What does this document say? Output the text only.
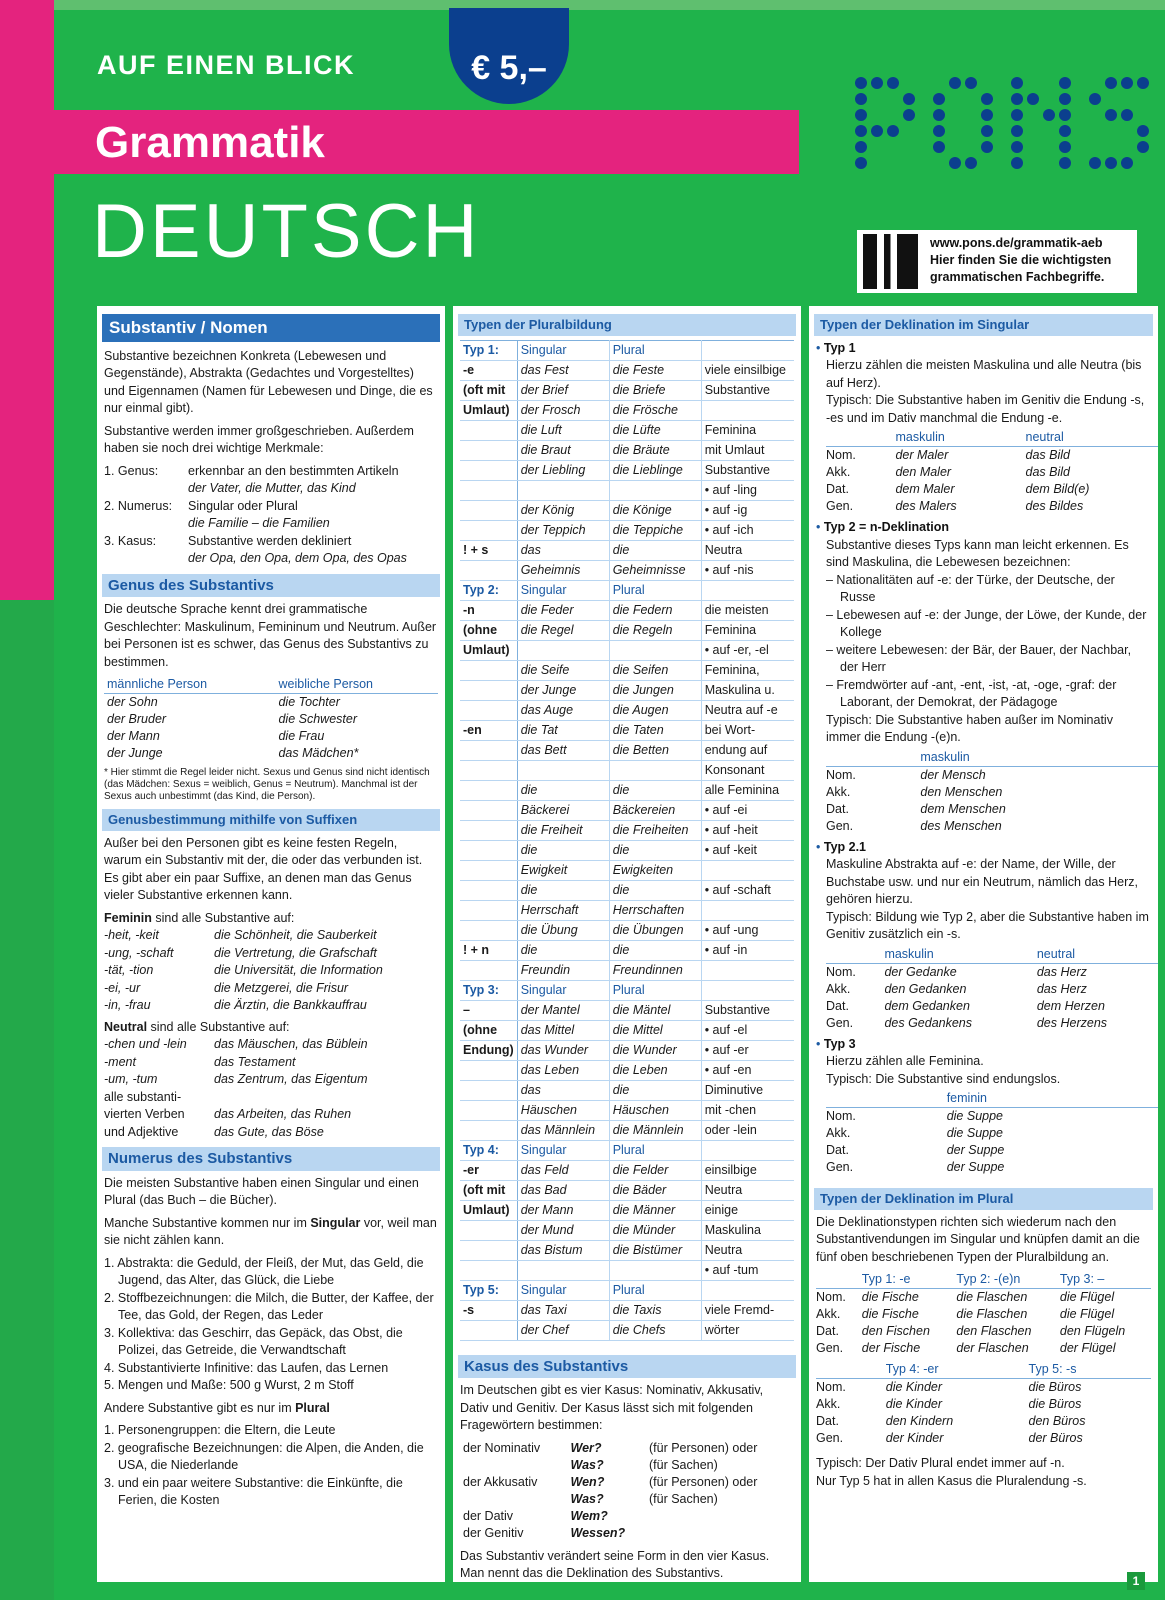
AUF EINEN BLICK	€ 5,–
Grammatik
DEUTSCH	www.pons.de/grammatik-aeb
Hier finden Sie die wichtigsten
grammatischen Fachbegriffe.
Substantiv / Nomen

Substantive bezeichnen Konkreta (Lebewesen und Gegenstände), Abstrakta (Gedachtes und Vorgestelltes) und Eigennamen (Namen für Lebewesen und Dinge, die es nur einmal gibt).

Substantive werden immer großgeschrieben. Außerdem haben sie noch drei wichtige Merkmale:

1. Genus:	erkennbar an den bestimmten Artikeln
der Vater, die Mutter, das Kind
2. Numerus:	Singular oder Plural
die Familie – die Familien
3. Kasus:	Substantive werden dekliniert
der Opa, den Opa, dem Opa, des Opas
Genus des Substantivs

Die deutsche Sprache kennt drei grammatische Geschlechter: Maskulinum, Femininum und Neutrum. Außer bei Personen ist es schwer, das Genus des Substantivs zu bestimmen.

männliche Person	weibliche Person
der Sohn	die Tochter
der Bruder	die Schwester
der Mann	die Frau
der Junge	das Mädchen*
* Hier stimmt die Regel leider nicht. Sexus und Genus sind nicht identisch (das Mädchen: Sexus = weiblich, Genus = Neutrum). Manchmal ist der Sexus auch unbestimmt (das Kind, die Person).
Genusbestimmung mithilfe von Suffixen

Außer bei den Personen gibt es keine festen Regeln, warum ein Substantiv mit der, die oder das verbunden ist. Es gibt aber ein paar Suffixe, an denen man das Genus vieler Substantive erkennen kann.

Feminin sind alle Substantive auf:
-heit, -keit	die Schönheit, die Sauberkeit
-ung, -schaft	die Vertretung, die Grafschaft
-tät, -tion	die Universität, die Information
-ei, -ur	die Metzgerei, die Frisur
-in, -frau	die Ärztin, die Bankkauffrau
Neutral sind alle Substantive auf:
-chen und -lein	das Mäuschen, das Büblein
-ment	das Testament
-um, -tum	das Zentrum, das Eigentum
alle substanti-
vierten Verben	das Arbeiten, das Ruhen
und Adjektive	das Gute, das Böse
Numerus des Substantivs

Die meisten Substantive haben einen Singular und einen Plural (das Buch – die Bücher).

Manche Substantive kommen nur im Singular vor, weil man sie nicht zählen kann.

1. Abstrakta: die Geduld, der Fleiß, der Mut, das Geld, die Jugend, das Alter, das Glück, die Liebe
2. Stoffbezeichnungen: die Milch, die Butter, der Kaffee, der Tee, das Gold, der Regen, das Leder
3. Kollektiva: das Geschirr, das Gepäck, das Obst, die Polizei, das Getreide, die Verwandtschaft
4. Substantivierte Infinitive: das Laufen, das Lernen
5. Mengen und Maße: 500 g Wurst, 2 m Stoff

Andere Substantive gibt es nur im Plural

1. Personengruppen: die Eltern, die Leute
2. geografische Bezeichnungen: die Alpen, die Anden, die USA, die Niederlande
3. und ein paar weitere Substantive: die Einkünfte, die Ferien, die Kosten
Typen der Pluralbildung
Typ 1:	Singular	Plural	
-e	das Fest	die Feste	viele einsilbige
(oft mit	der Brief	die Briefe	Substantive
Umlaut)	der Frosch	die Frösche	
	die Luft	die Lüfte	Feminina
	die Braut	die Bräute	mit Umlaut
	der Liebling	die Lieblinge	Substantive
			• auf -ling
	der König	die Könige	• auf -ig
	der Teppich	die Teppiche	• auf -ich
! + s	das	die	Neutra
	Geheimnis	Geheimnisse	• auf -nis
Typ 2:	Singular	Plural	
-n	die Feder	die Federn	die meisten
(ohne	die Regel	die Regeln	Feminina
Umlaut)			• auf -er, -el
	die Seife	die Seifen	Feminina,
	der Junge	die Jungen	Maskulina u.
	das Auge	die Augen	Neutra auf -e
-en	die Tat	die Taten	bei Wort-
	das Bett	die Betten	endung auf
			Konsonant
	die	die	alle Feminina
	Bäckerei	Bäckereien	• auf -ei
	die Freiheit	die Freiheiten	• auf -heit
	die	die	• auf -keit
	Ewigkeit	Ewigkeiten	
	die	die	• auf -schaft
	Herrschaft	Herrschaften	
	die Übung	die Übungen	• auf -ung
! + n	die	die	• auf -in
	Freundin	Freundinnen	
Typ 3:	Singular	Plural	
–	der Mantel	die Mäntel	Substantive
(ohne	das Mittel	die Mittel	• auf -el
Endung)	das Wunder	die Wunder	• auf -er
	das Leben	die Leben	• auf -en
	das	die	Diminutive
	Häuschen	Häuschen	mit -chen
	das Männlein	die Männlein	oder -lein
Typ 4:	Singular	Plural	
-er	das Feld	die Felder	einsilbige
(oft mit	das Bad	die Bäder	Neutra
Umlaut)	der Mann	die Männer	einige
	der Mund	die Münder	Maskulina
	das Bistum	die Bistümer	Neutra
			• auf -tum
Typ 5:	Singular	Plural	
-s	das Taxi	die Taxis	viele Fremd-
	der Chef	die Chefs	wörter
Kasus des Substantivs

Im Deutschen gibt es vier Kasus: Nominativ, Akkusativ, Dativ und Genitiv. Der Kasus lässt sich mit folgenden Fragewörtern bestimmen:

der Nominativ	Wer?	(für Personen) oder
	Was?	(für Sachen)
der Akkusativ	Wen?	(für Personen) oder
	Was?	(für Sachen)
der Dativ	Wem?	
der Genitiv	Wessen?	

Das Substantiv verändert seine Form in den vier Kasus. Man nennt das die Deklination des Substantivs.

Typen der Deklination im Singular
• Typ 1
Hierzu zählen die meisten Maskulina und alle Neutra (bis auf Herz).
Typisch: Die Substantive haben im Genitiv die Endung -s, -es und im Dativ manchmal die Endung -e.
	maskulin	neutral
Nom.	der Maler	das Bild
Akk.	den Maler	das Bild
Dat.	dem Maler	dem Bild(e)
Gen.	des Malers	des Bildes
• Typ 2 = n-Deklination
Substantive dieses Typs kann man leicht erkennen. Es sind Maskulina, die Lebewesen bezeichnen:
– Nationalitäten auf -e: der Türke, der Deutsche, der Russe
– Lebewesen auf -e: der Junge, der Löwe, der Kunde, der Kollege
– weitere Lebewesen: der Bär, der Bauer, der Nachbar, der Herr
– Fremdwörter auf -ant, -ent, -ist, -at, -oge, -graf: der Laborant, der Demokrat, der Pädagoge
Typisch: Die Substantive haben außer im Nominativ immer die Endung -(e)n.
	maskulin
Nom.	der Mensch
Akk.	den Menschen
Dat.	dem Menschen
Gen.	des Menschen
• Typ 2.1
Maskuline Abstrakta auf -e: der Name, der Wille, der Buchstabe usw. und nur ein Neutrum, nämlich das Herz, gehören hierzu.
Typisch: Bildung wie Typ 2, aber die Substantive haben im Genitiv zusätzlich ein -s.
	maskulin	neutral
Nom.	der Gedanke	das Herz
Akk.	den Gedanken	das Herz
Dat.	dem Gedanken	dem Herzen
Gen.	des Gedankens	des Herzens
• Typ 3
Hierzu zählen alle Feminina.
Typisch: Die Substantive sind endungslos.
	feminin
Nom.	die Suppe
Akk.	die Suppe
Dat.	der Suppe
Gen.	der Suppe
Typen der Deklination im Plural

Die Deklinationstypen richten sich wiederum nach den Substantivendungen im Singular und knüpfen damit an die fünf oben beschriebenen Typen der Pluralbildung an.

	Typ 1: -e	Typ 2: -(e)n	Typ 3: –
Nom.	die Fische	die Flaschen	die Flügel
Akk.	die Fische	die Flaschen	die Flügel
Dat.	den Fischen	den Flaschen	den Flügeln
Gen.	der Fische	der Flaschen	der Flügel
	Typ 4: -er	Typ 5: -s
Nom.	die Kinder	die Büros
Akk.	die Kinder	die Büros
Dat.	den Kindern	den Büros
Gen.	der Kinder	der Büros
Typisch: Der Dativ Plural endet immer auf -n.
Nur Typ 5 hat in allen Kasus die Pluralendung -s.
1
